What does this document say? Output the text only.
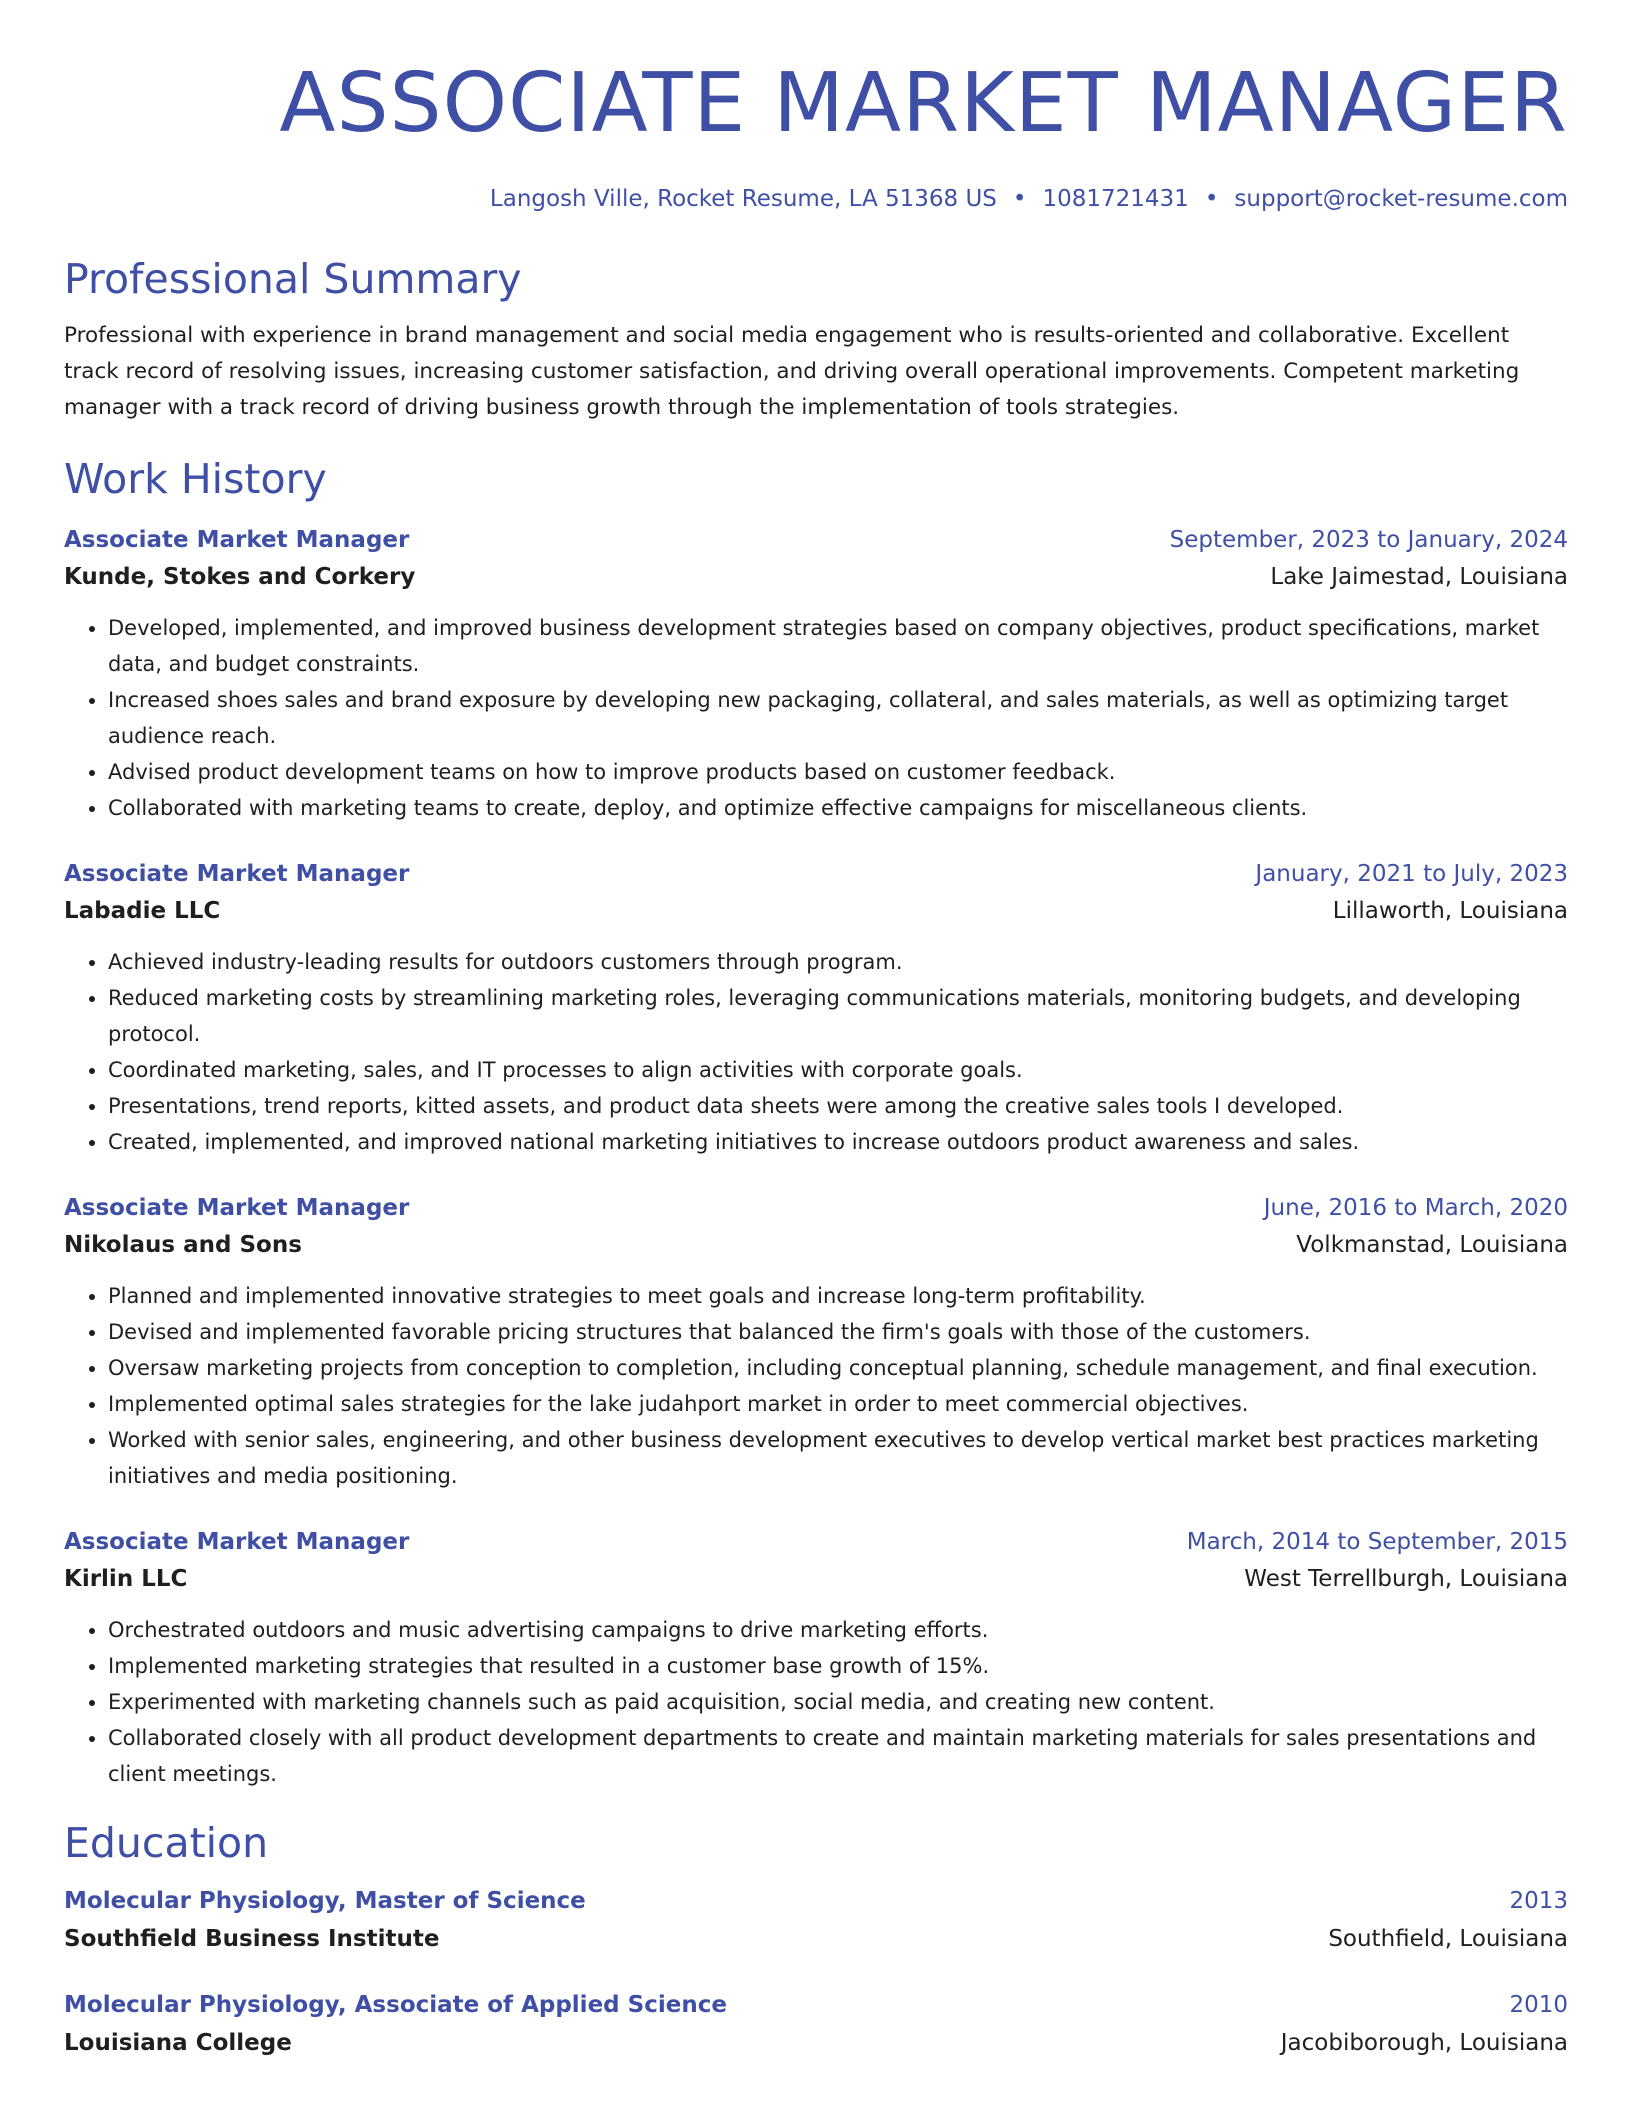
ASSOCIATE MARKET MANAGER
Langosh Ville, Rocket Resume, LA 51368 US • 1081721431 • support@rocket-resume.com
Professional Summary

Professional with experience in brand management and social media engagement who is results-oriented and collaborative. Excellent track record of resolving issues, increasing customer satisfaction, and driving overall operational improvements. Competent marketing manager with a track record of driving business growth through the implementation of tools strategies.

Work History
Associate Market Manager	September, 2023 to January, 2024
Kunde, Stokes and Corkery	Lake Jaimestad, Louisiana
• Developed, implemented, and improved business development strategies based on company objectives, product specifications, market data, and budget constraints.
• Increased shoes sales and brand exposure by developing new packaging, collateral, and sales materials, as well as optimizing target audience reach.
• Advised product development teams on how to improve products based on customer feedback.
• Collaborated with marketing teams to create, deploy, and optimize effective campaigns for miscellaneous clients.
Associate Market Manager	January, 2021 to July, 2023
Labadie LLC	Lillaworth, Louisiana
• Achieved industry-leading results for outdoors customers through program.
• Reduced marketing costs by streamlining marketing roles, leveraging communications materials, monitoring budgets, and developing protocol.
• Coordinated marketing, sales, and IT processes to align activities with corporate goals.
• Presentations, trend reports, kitted assets, and product data sheets were among the creative sales tools I developed.
• Created, implemented, and improved national marketing initiatives to increase outdoors product awareness and sales.
Associate Market Manager	June, 2016 to March, 2020
Nikolaus and Sons	Volkmanstad, Louisiana
• Planned and implemented innovative strategies to meet goals and increase long-term profitability.
• Devised and implemented favorable pricing structures that balanced the firm's goals with those of the customers.
• Oversaw marketing projects from conception to completion, including conceptual planning, schedule management, and final execution.
• Implemented optimal sales strategies for the lake judahport market in order to meet commercial objectives.
• Worked with senior sales, engineering, and other business development executives to develop vertical market best practices marketing initiatives and media positioning.
Associate Market Manager	March, 2014 to September, 2015
Kirlin LLC	West Terrellburgh, Louisiana
• Orchestrated outdoors and music advertising campaigns to drive marketing efforts.
• Implemented marketing strategies that resulted in a customer base growth of 15%.
• Experimented with marketing channels such as paid acquisition, social media, and creating new content.
• Collaborated closely with all product development departments to create and maintain marketing materials for sales presentations and client meetings.
Education
Molecular Physiology, Master of Science	2013
Southfield Business Institute	Southfield, Louisiana
Molecular Physiology, Associate of Applied Science	2010
Louisiana College	Jacobiborough, Louisiana
